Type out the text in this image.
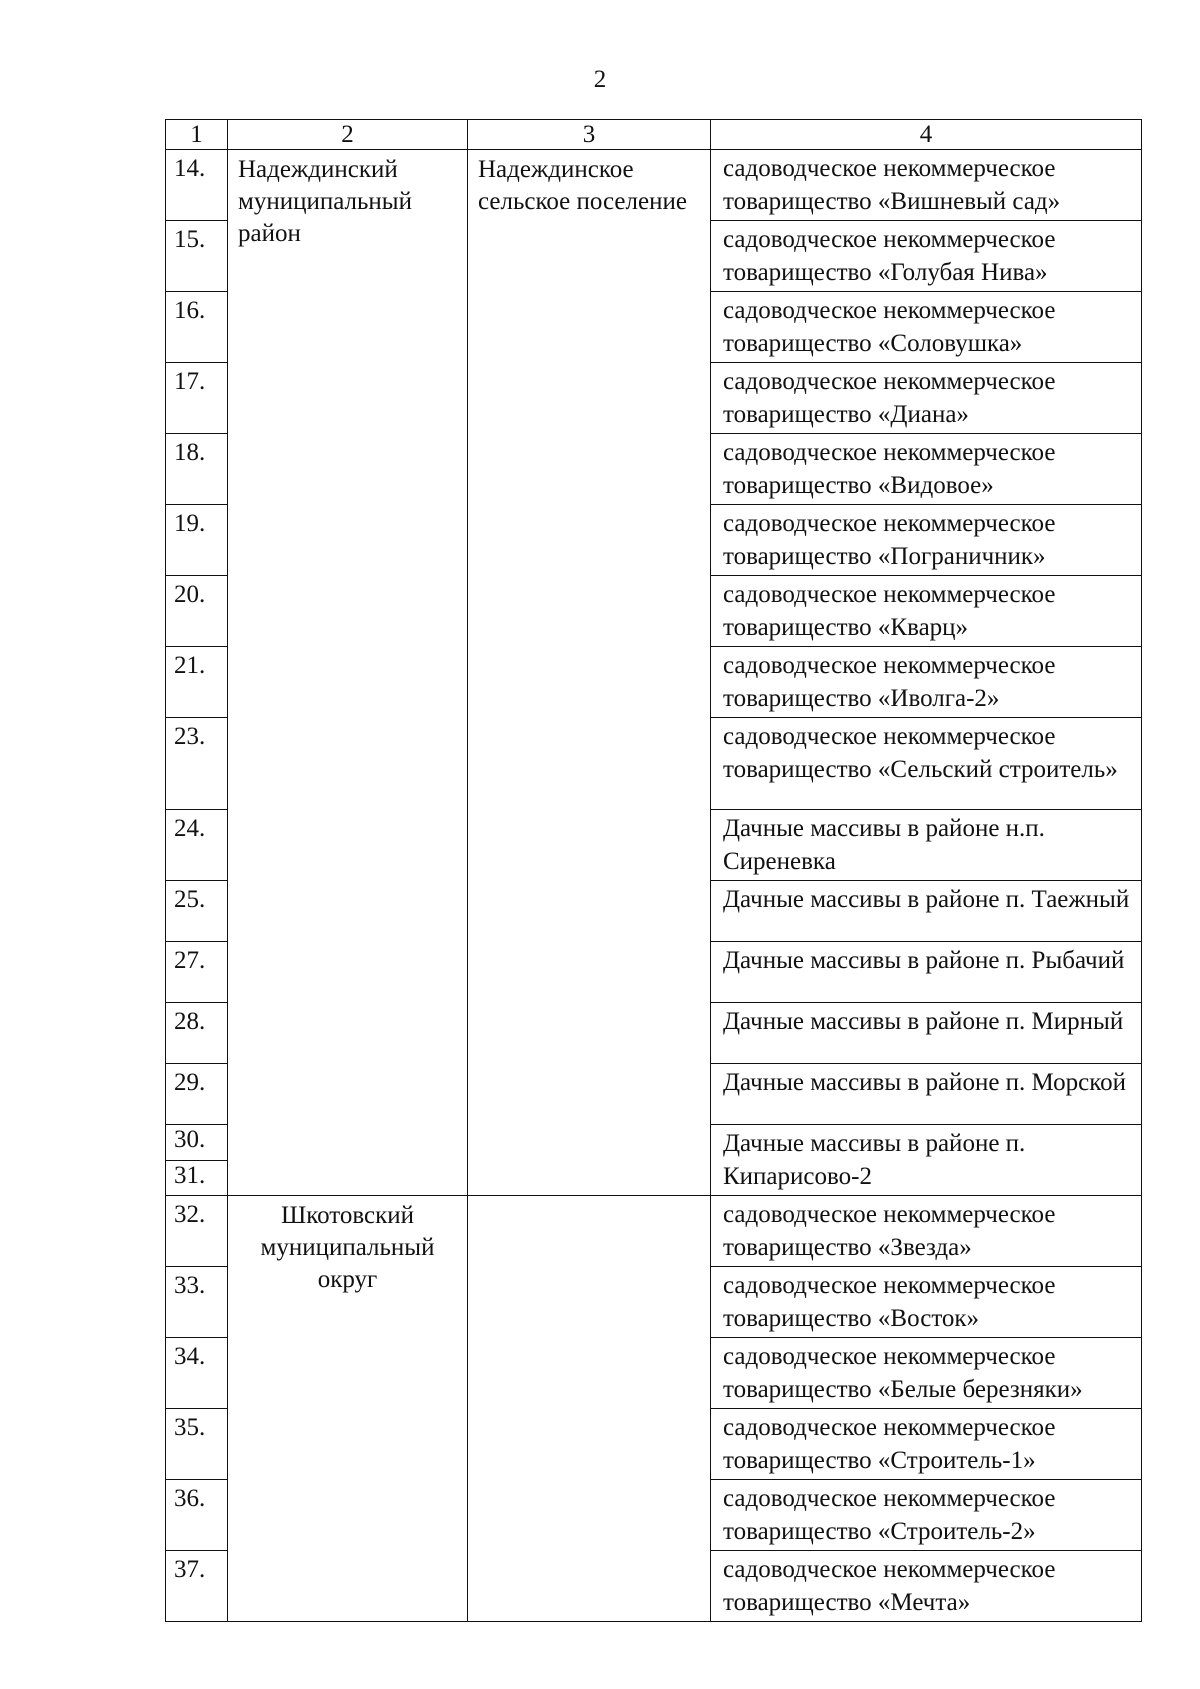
2
1	2	3	4
14.	Надеждинский муниципальный район	Надеждинское сельское поселение	садоводческое некоммерческое товарищество «Вишневый сад»
15.			садоводческое некоммерческое товарищество «Голубая Нива»
16.			садоводческое некоммерческое товарищество «Соловушка»
17.			садоводческое некоммерческое товарищество «Диана»
18.			садоводческое некоммерческое товарищество «Видовое»
19.			садоводческое некоммерческое товарищество «Пограничник»
20.			садоводческое некоммерческое товарищество «Кварц»
21.			садоводческое некоммерческое товарищество «Иволга-2»
23.			садоводческое некоммерческое товарищество «Сельский строитель»
24.			Дачные массивы в районе н.п. Сиреневка
25.			Дачные массивы в районе п. Таежный
27.			Дачные массивы в районе п. Рыбачий
28.			Дачные массивы в районе п. Мирный
29.			Дачные массивы в районе п. Морской
30.			Дачные массивы в районе п. Кипарисово-2
31.			
32.	Шкотовский муниципальный округ		садоводческое некоммерческое товарищество «Звезда»
33.			садоводческое некоммерческое товарищество «Восток»
34.			садоводческое некоммерческое товарищество «Белые березняки»
35.			садоводческое некоммерческое товарищество «Строитель-1»
36.			садоводческое некоммерческое товарищество «Строитель-2»
37.			садоводческое некоммерческое товарищество «Мечта»
